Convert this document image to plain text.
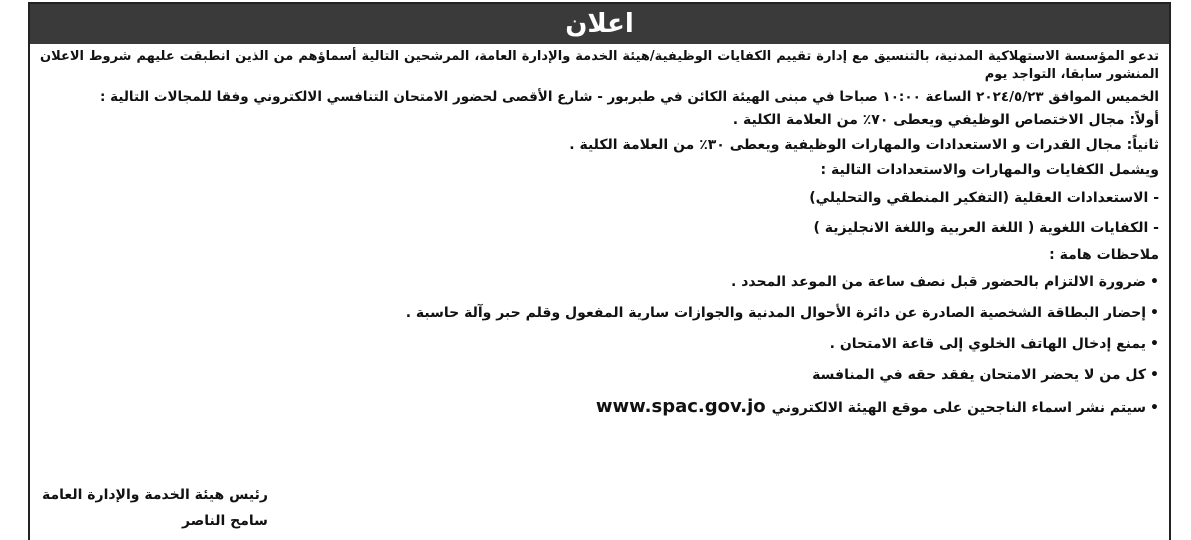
اعلان
تدعو المؤسسة الاستهلاكية المدنية، بالتنسيق مع إدارة تقييم الكفايات الوظيفية/هيئة الخدمة والإدارة العامة، المرشحين التالية أسماؤهم من الذين انطبقت عليهم شروط الاعلان المنشور سابقا، التواجد يوم
الخميس الموافق ٢٠٢٤/٥/٢٣ الساعة ١٠:٠٠ صباحا في مبنى الهيئة الكائن في طبربور - شارع الأقصى لحضور الامتحان التنافسي الالكتروني وفقا للمجالات التالية :
أولاً: مجال الاختصاص الوظيفي ويعطى ٧٠٪ من العلامة الكلية .
ثانياً: مجال القدرات و الاستعدادات والمهارات الوظيفية ويعطى ٣٠٪ من العلامة الكلية .
ويشمل الكفايات والمهارات والاستعدادات التالية :
- الاستعدادات العقلية (التفكير المنطقي والتحليلي)
- الكفايات اللغوية ( اللغة العربية واللغة الانجليزية )
ملاحظات هامة :
•ضرورة الالتزام بالحضور قبل نصف ساعة من الموعد المحدد .
•إحضار البطاقة الشخصية الصادرة عن دائرة الأحوال المدنية والجوازات سارية المفعول وقلم حبر وآلة حاسبة .
•يمنع إدخال الهاتف الخلوي إلى قاعة الامتحان .
•كل من لا يحضر الامتحان يفقد حقه في المنافسة
•سيتم نشر اسماء الناجحين على موقع الهيئة الالكترونيwww.spac.gov.jo
رئيس هيئة الخدمة والإدارة العامة
سامح الناصر
